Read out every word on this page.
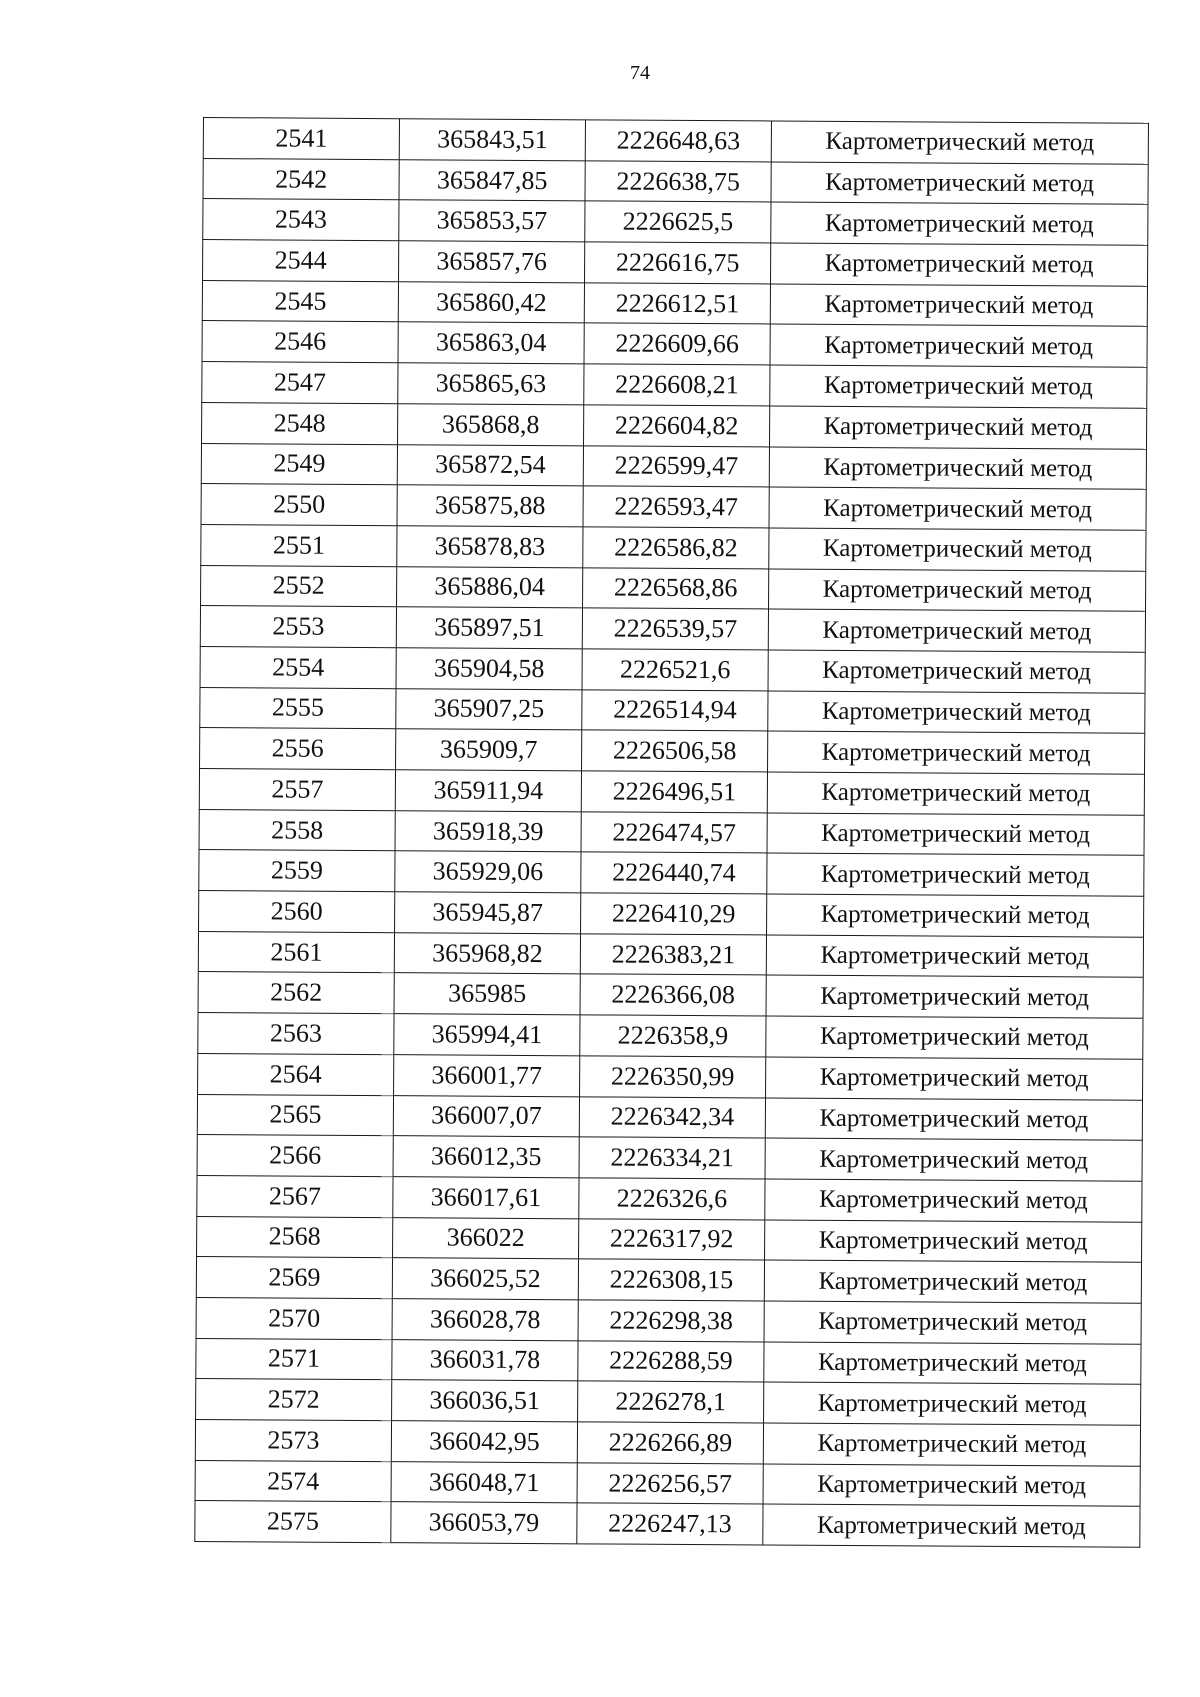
74
2541	365843,51	2226648,63	Картометрический метод
2542	365847,85	2226638,75	Картометрический метод
2543	365853,57	2226625,5	Картометрический метод
2544	365857,76	2226616,75	Картометрический метод
2545	365860,42	2226612,51	Картометрический метод
2546	365863,04	2226609,66	Картометрический метод
2547	365865,63	2226608,21	Картометрический метод
2548	365868,8	2226604,82	Картометрический метод
2549	365872,54	2226599,47	Картометрический метод
2550	365875,88	2226593,47	Картометрический метод
2551	365878,83	2226586,82	Картометрический метод
2552	365886,04	2226568,86	Картометрический метод
2553	365897,51	2226539,57	Картометрический метод
2554	365904,58	2226521,6	Картометрический метод
2555	365907,25	2226514,94	Картометрический метод
2556	365909,7	2226506,58	Картометрический метод
2557	365911,94	2226496,51	Картометрический метод
2558	365918,39	2226474,57	Картометрический метод
2559	365929,06	2226440,74	Картометрический метод
2560	365945,87	2226410,29	Картометрический метод
2561	365968,82	2226383,21	Картометрический метод
2562	365985	2226366,08	Картометрический метод
2563	365994,41	2226358,9	Картометрический метод
2564	366001,77	2226350,99	Картометрический метод
2565	366007,07	2226342,34	Картометрический метод
2566	366012,35	2226334,21	Картометрический метод
2567	366017,61	2226326,6	Картометрический метод
2568	366022	2226317,92	Картометрический метод
2569	366025,52	2226308,15	Картометрический метод
2570	366028,78	2226298,38	Картометрический метод
2571	366031,78	2226288,59	Картометрический метод
2572	366036,51	2226278,1	Картометрический метод
2573	366042,95	2226266,89	Картометрический метод
2574	366048,71	2226256,57	Картометрический метод
2575	366053,79	2226247,13	Картометрический метод
